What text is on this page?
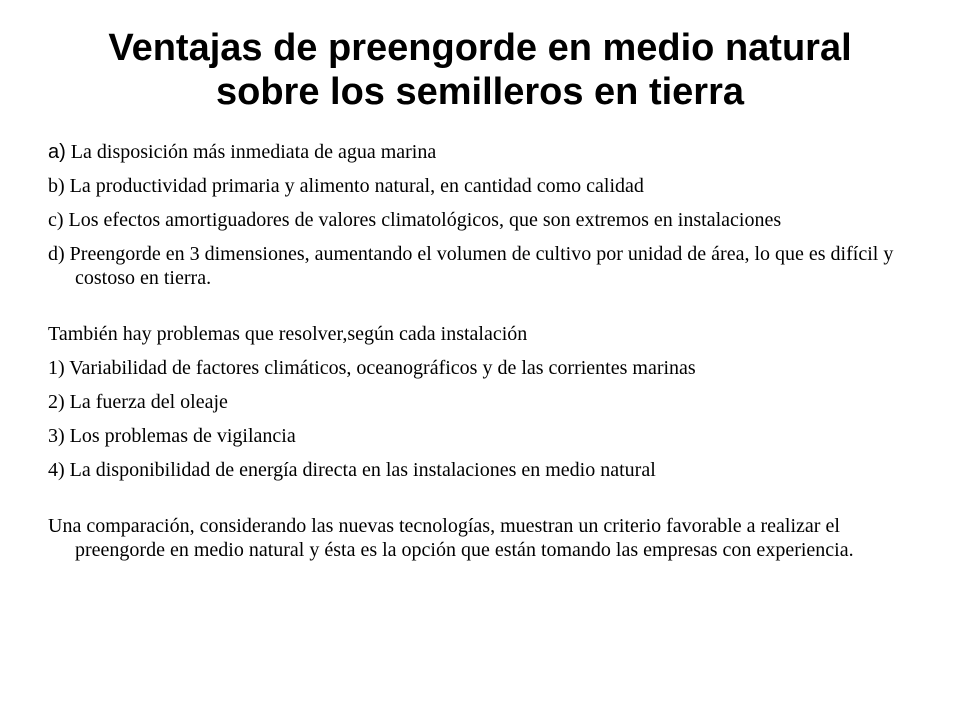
Ventajas de preengorde en medio natural sobre los semilleros en tierra

a) La disposición más inmediata de agua marina

b) La productividad primaria y alimento natural, en cantidad como calidad

c) Los efectos amortiguadores de valores climatológicos, que son extremos en instalaciones

d) Preengorde en 3 dimensiones, aumentando el volumen de cultivo por unidad de área, lo que es difícil y costoso en tierra.

También hay problemas que resolver,según cada instalación

1) Variabilidad de factores climáticos, oceanográficos y de las corrientes marinas

2) La fuerza del oleaje

3) Los problemas de vigilancia

4) La disponibilidad de energía directa en las instalaciones en medio natural

Una comparación, considerando las nuevas tecnologías, muestran un criterio favorable a realizar el preengorde en medio natural y ésta es la opción que están tomando las empresas con experiencia.
